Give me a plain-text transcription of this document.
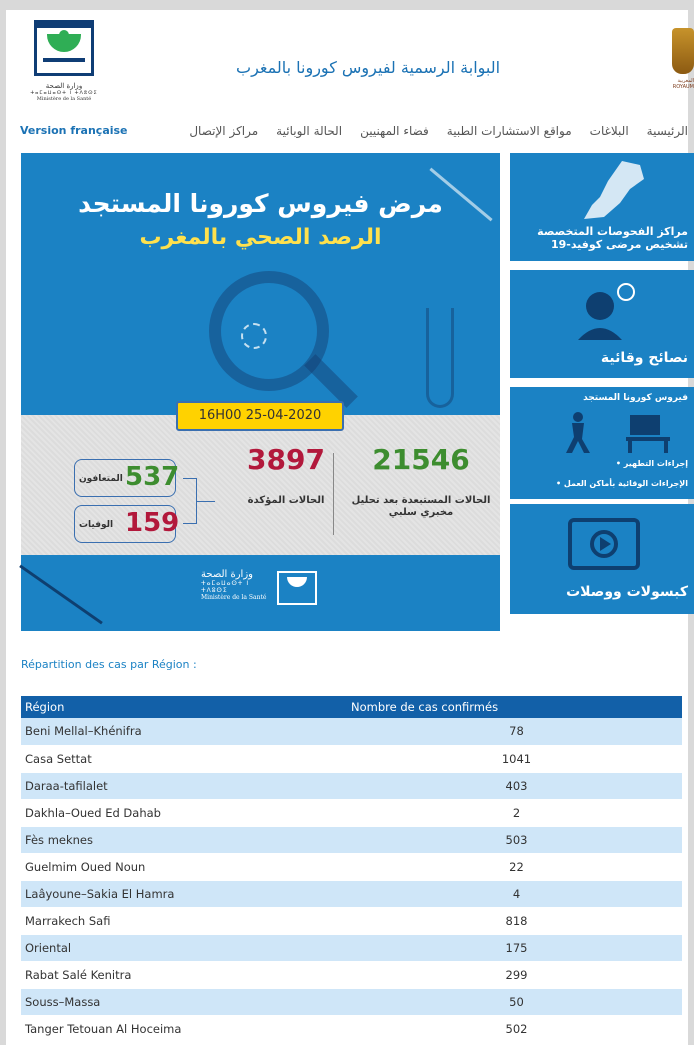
وزارة الصحة
ⵜⴰⵎⴰⵡⴰⵙⵜ ⵏ ⵜⴷⵓⵙⵉ
Ministère de la Santé
البوابة الرسمية لفيروس كورونا بالمغرب
المغربية ROYAUM
Version française	الرئيسية
البلاغات
مواقع الاستشارات الطبية
فضاء المهنيين
الحالة الوبائية
مراكز الإتصال
مرض فيروس كورونا المستجد
الرصد الصحي بالمغرب
16H00 25-04-2020
537
المتعافون
159
الوفيات
3897
الحالات المؤكدة
21546
الحالات المستبعدة بعد تحليل مخبري سلبي
وزارة الصحة
ⵜⴰⵎⴰⵡⴰⵙⵜ ⵏ ⵜⴷⵓⵙⵉ
Ministère de la Santé
مراكز الفحوصات المتخصصة تشخيص مرضى كوفيد-19
نصائح وقائية
فيروس كورونا المستجد
إجراءات التطهير •
الإجراءات الوقائية بأماكن العمل •
كبسولات ووصلات
Répartition des cas par Région :
Région	Nombre de cas confirmés
Beni Mellal–Khénifra	78
Casa Settat	1041
Daraa-tafilalet	403
Dakhla–Oued Ed Dahab	2
Fès meknes	503
Guelmim Oued Noun	22
Laâyoune–Sakia El Hamra	4
Marrakech Safi	818
Oriental	175
Rabat Salé Kenitra	299
Souss–Massa	50
Tanger Tetouan Al Hoceima	502
